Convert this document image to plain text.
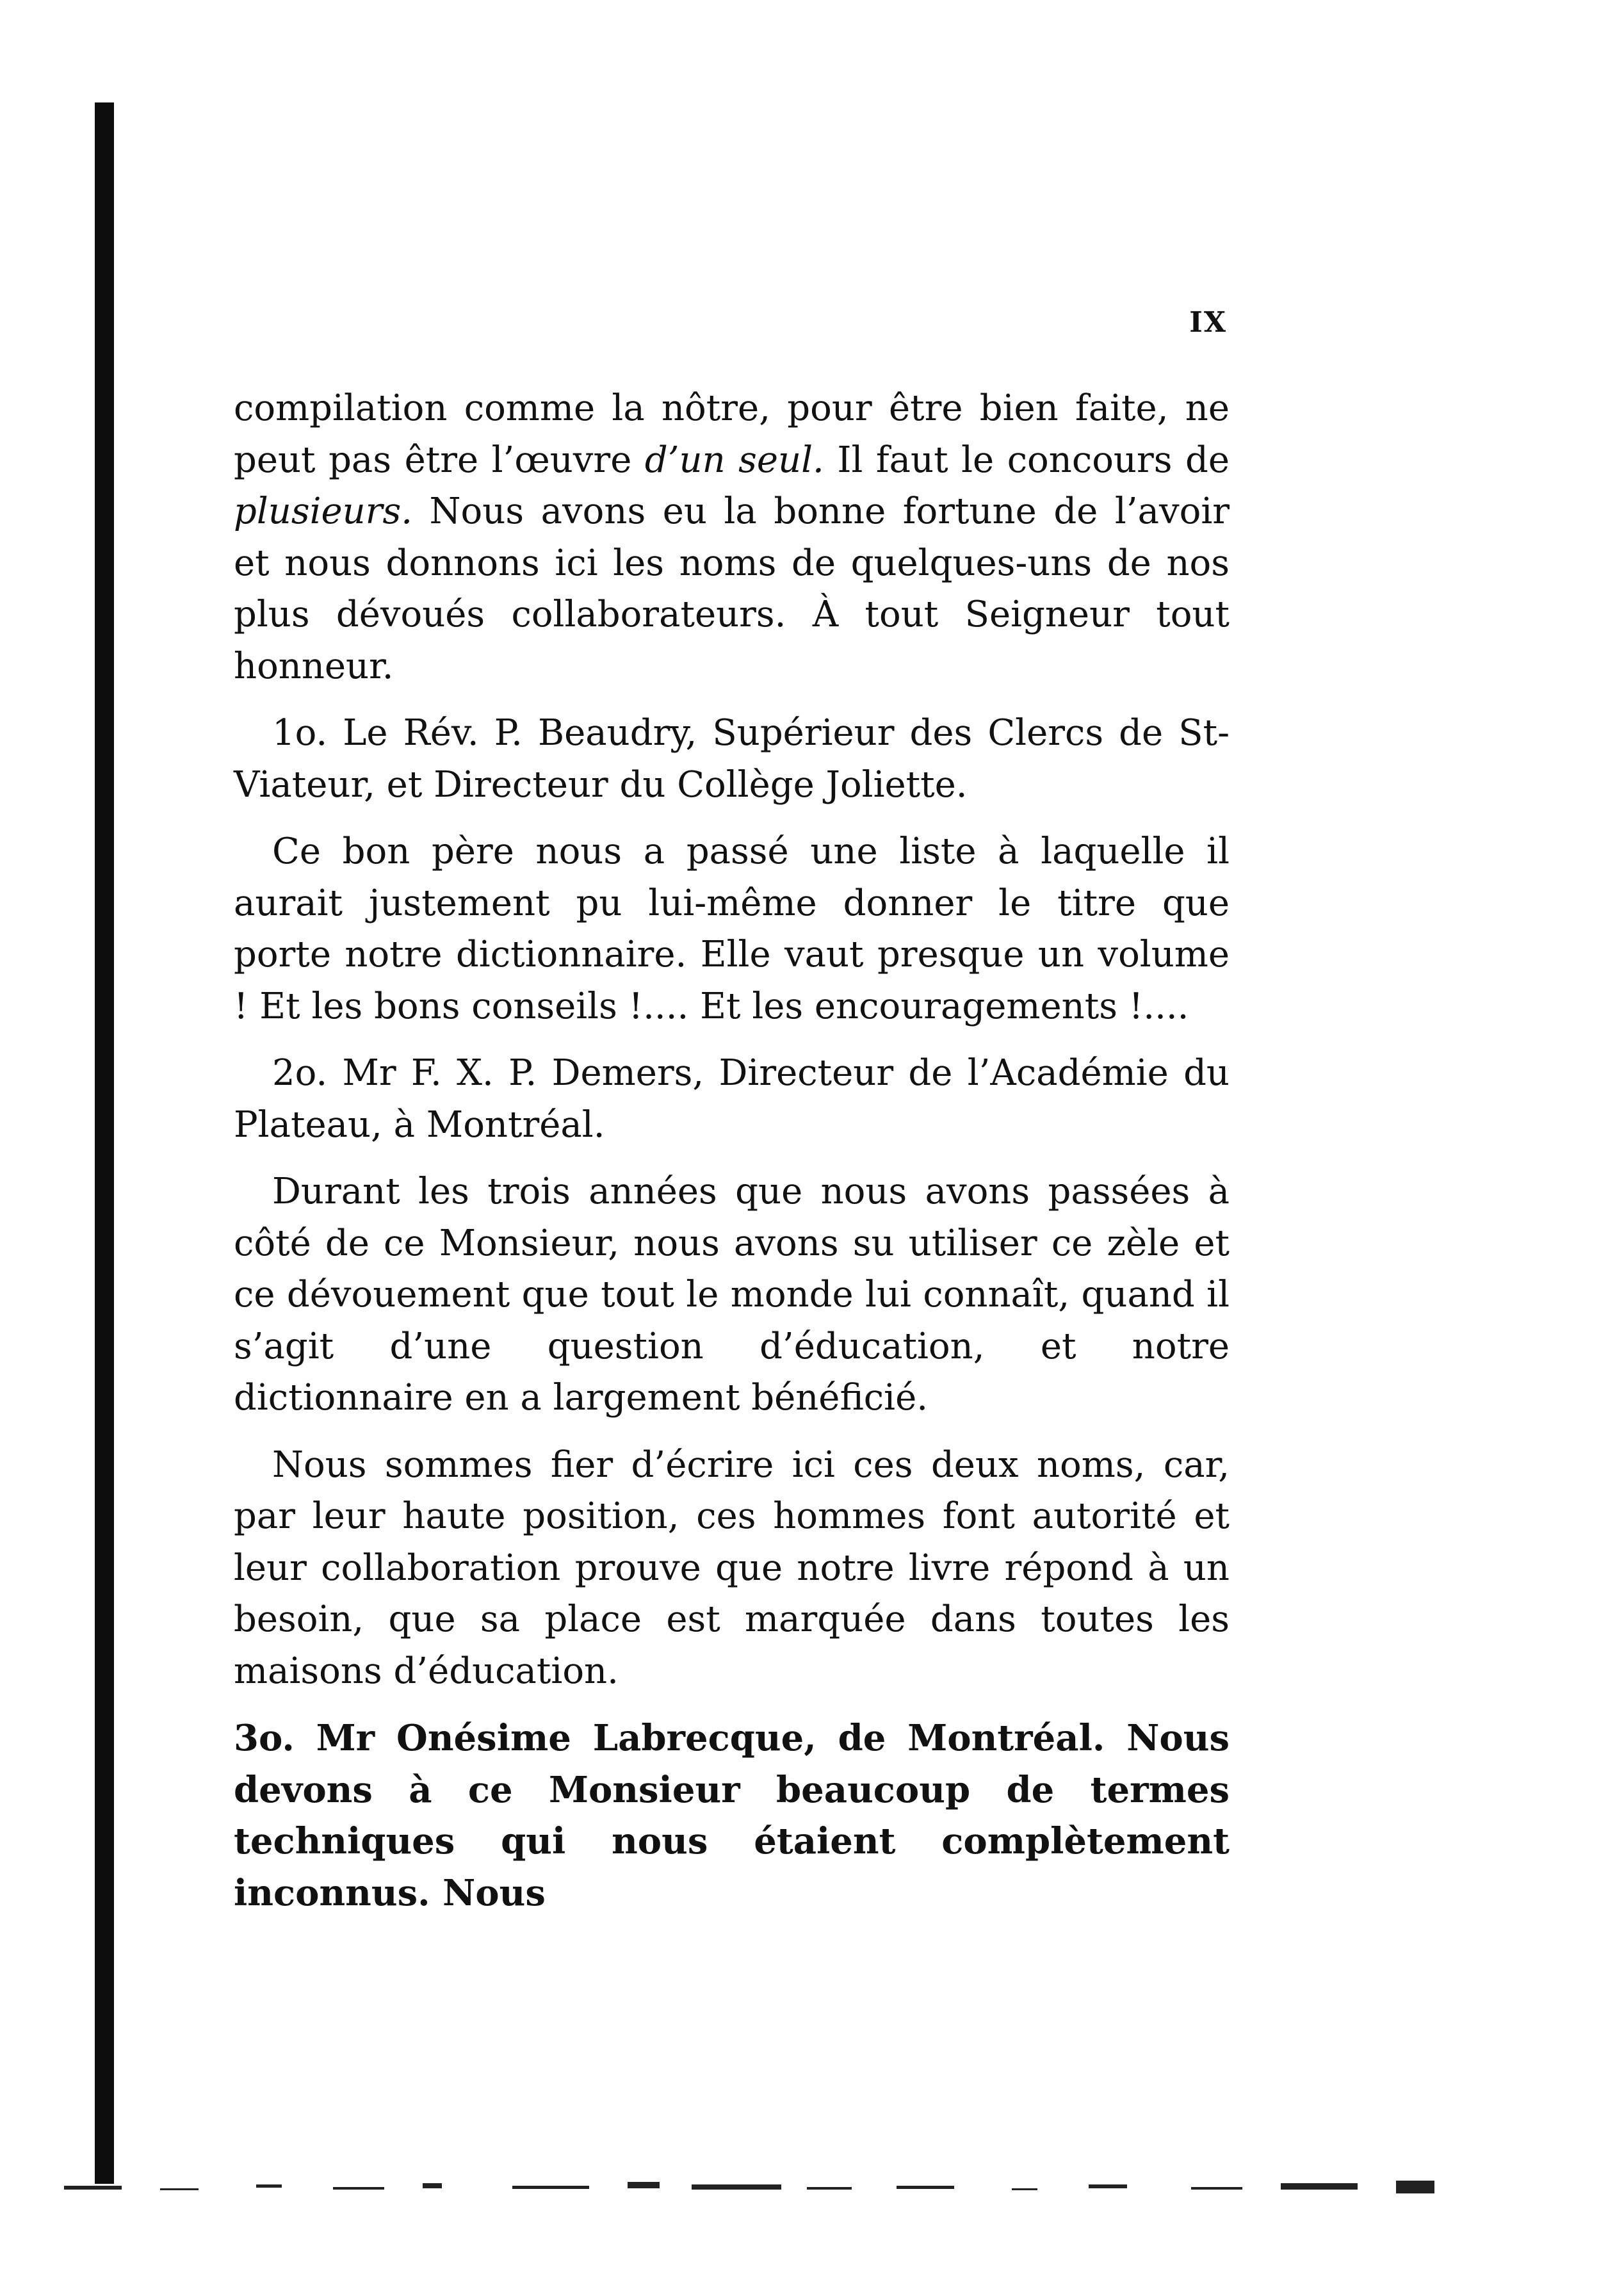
IX

compilation comme la nôtre, pour être bien faite, ne peut pas être l’œuvre d’un seul. Il faut le concours de plusieurs. Nous avons eu la bonne fortune de l’avoir et nous donnons ici les noms de quelques-uns de nos plus dévoués collaborateurs. À tout Seigneur tout honneur.

1o. Le Rév. P. Beaudry, Supérieur des Clercs de St-Viateur, et Directeur du Collège Joliette.

Ce bon père nous a passé une liste à laquelle il aurait justement pu lui-même donner le titre que porte notre dictionnaire. Elle vaut presque un volume ! Et les bons conseils !.... Et les encouragements !....

2o. Mr F. X. P. Demers, Directeur de l’Académie du Plateau, à Montréal.

Durant les trois années que nous avons passées à côté de ce Monsieur, nous avons su utiliser ce zèle et ce dévouement que tout le monde lui connaît, quand il s’agit d’une question d’éducation, et notre dictionnaire en a largement bénéficié.

Nous sommes fier d’écrire ici ces deux noms, car, par leur haute position, ces hommes font autorité et leur collaboration prouve que notre livre répond à un besoin, que sa place est marquée dans toutes les maisons d’éducation.

3o. Mr Onésime Labrecque, de Montréal. Nous devons à ce Monsieur beaucoup de termes techniques qui nous étaient complètement inconnus. Nous
